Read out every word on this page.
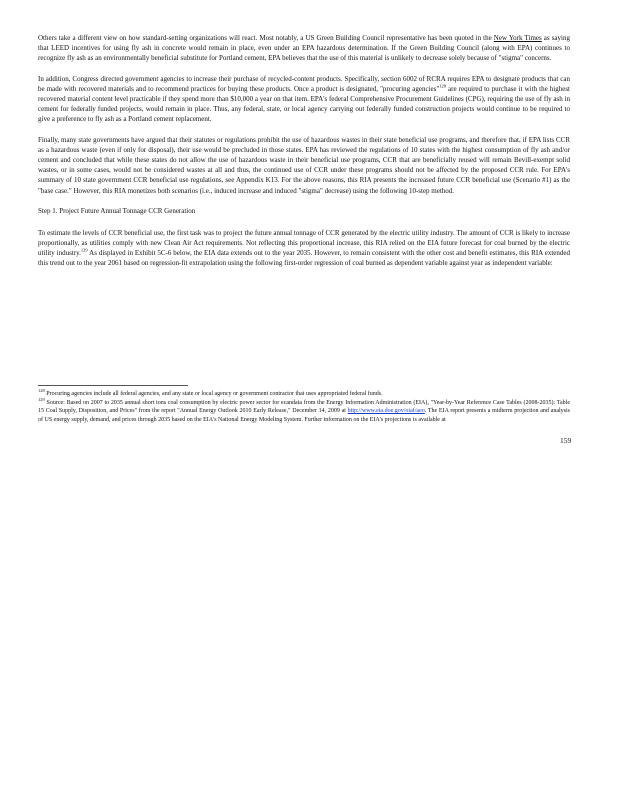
Others take a different view on how standard-setting organizations will react. Most notably, a US Green Building Council representative has been quoted in the New York Times as saying that LEED incentives for using fly ash in concrete would remain in place, even under an EPA hazardous determination. If the Green Building Council (along with EPA) continues to recognize fly ash as an environmentally beneficial substitute for Portland cement, EPA believes that the use of this material is unlikely to decrease solely because of "stigma" concerns.

In addition, Congress directed government agencies to increase their purchase of recycled-content products. Specifically, section 6002 of RCRA requires EPA to designate products that can be made with recovered materials and to recommend practices for buying these products. Once a product is designated, "procuring agencies"$^{128}$ are required to purchase it with the highest recovered material content level practicable if they spend more than $10,000 a year on that item. EPA's federal Comprehensive Procurement Guidelines (CPG), requiring the use of fly ash in cement for federally funded projects, would remain in place. Thus, any federal, state, or local agency carrying out federally funded construction projects would continue to be required to give a preference to fly ash as a Portland cement replacement.

Finally, many state governments have argued that their statutes or regulations prohibit the use of hazardous wastes in their state beneficial use programs, and therefore that, if EPA lists CCR as a hazardous waste (even if only for disposal), their use would be precluded in those states. EPA has reviewed the regulations of 10 states with the highest consumption of fly ash and/or cement and concluded that while these states do not allow the use of hazardous waste in their beneficial use programs, CCR that are beneficially reused will remain Bevill-exempt solid wastes, or in some cases, would not be considered wastes at all and thus, the continued use of CCR under these programs should not be affected by the proposed CCR rule. For EPA's summary of 10 state government CCR beneficial use regulations, see Appendix K13. For the above reasons, this RIA presents the increased future CCR beneficial use (Scenario #1) as the "base case." However, this RIA monetizes both scenarios (i.e., induced increase and induced "stigma" decrease) using the following 10-step method.

Step 1. Project Future Annual Tonnage CCR Generation

To estimate the levels of CCR beneficial use, the first task was to project the future annual tonnage of CCR generated by the electric utility industry. The amount of CCR is likely to increase proportionally, as utilities comply with new Clean Air Act requirements. Not reflecting this proportional increase, this RIA relied on the EIA future forecast for coal burned by the electric utility industry.$^{129}$ As displayed in Exhibit 5C-6 below, the EIA data extends out to the year 2035. However, to remain consistent with the other cost and benefit estimates, this RIA extended this trend out to the year 2061 based on regression-fit extrapolation using the following first-order regression of coal burned as dependent variable against year as independent variable:

$^{128}$ Procuring agencies include all federal agencies, and any state or local agency or government contractor that uses appropriated federal funds.

$^{129}$ Source: Based on 2007 to 2035 annual short tons coal consumption by electric power sector for ecandata from the Energy Information Administration (EIA), "Year-by-Year Reference Case Tables (2008-2035): Table 15 Coal Supply, Disposition, and Prices" from the report "Annual Energy Outlook 2010 Early Release," December 14, 2009 at http://www.eia.doe.gov/oiaf/aeo. The EIA report presents a midterm projection and analysis of US energy supply, demand, and prices through 2035 based on the EIA's National Energy Modeling System. Further information on the EIA's projections is available at

159
